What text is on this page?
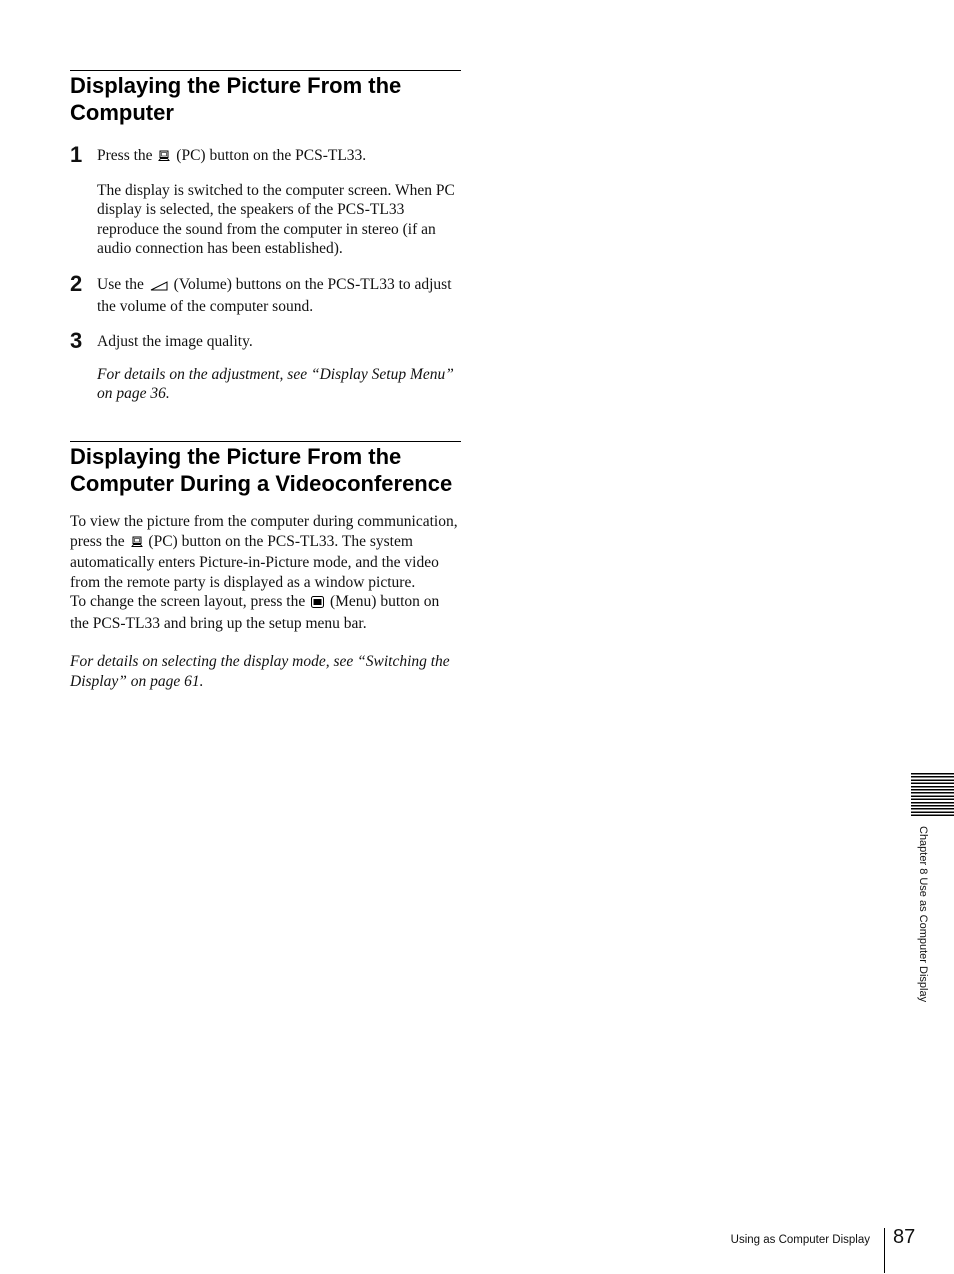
Displaying the Picture From the Computer
1 Press the (PC) button on the PCS-TL33.

The display is switched to the computer screen. When PC display is selected, the speakers of the PCS-TL33 reproduce the sound from the computer in stereo (if an audio connection has been established).

2 Use the (Volume) buttons on the PCS-TL33 to adjust the volume of the computer sound.

3 Adjust the image quality.

For details on the adjustment, see “Display Setup Menu” on page 36.

Displaying the Picture From the Computer During a Videoconference

To view the picture from the computer during communication, press the (PC) button on the PCS-TL33. The system automatically enters Picture-in-Picture mode, and the video from the remote party is displayed as a window picture.

To change the screen layout, press the (Menu) button on the PCS-TL33 and bring up the setup menu bar.

For details on selecting the display mode, see “Switching the Display” on page 61.

Chapter 8 Use as Computer Display
Using as Computer Display 87
